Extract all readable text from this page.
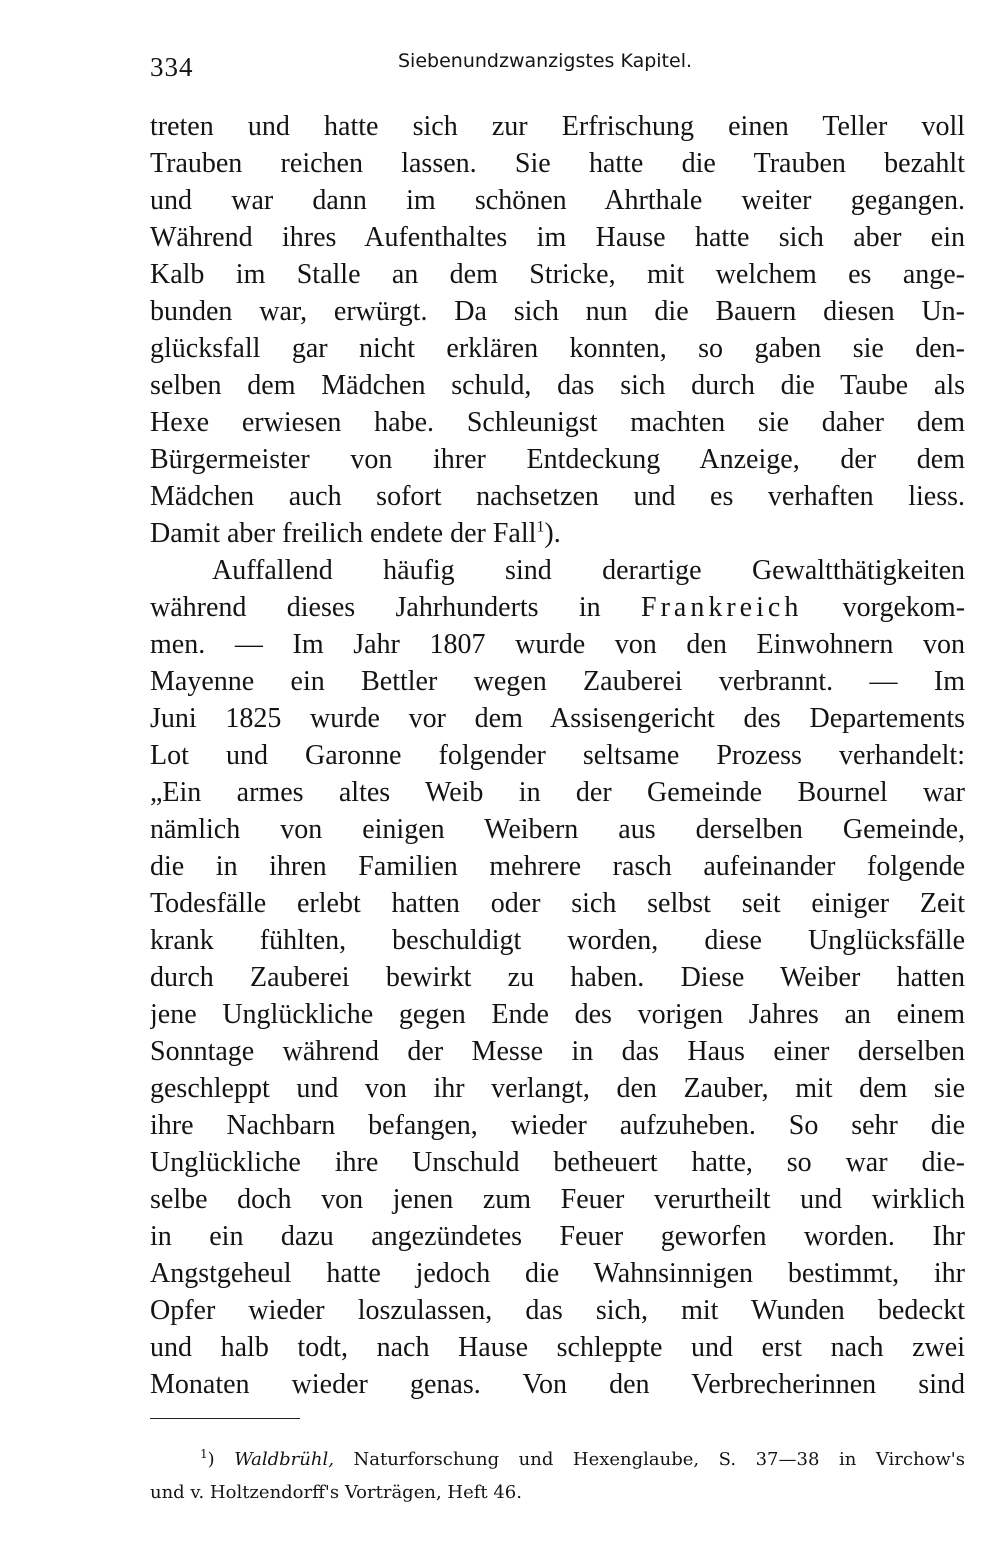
334	Siebenundzwanzigstes Kapitel.
treten und hatte sich zur Erfrischung einen Teller voll
Trauben reichen lassen. Sie hatte die Trauben bezahlt
und war dann im schönen Ahrthale weiter gegangen.
Während ihres Aufenthaltes im Hause hatte sich aber ein
Kalb im Stalle an dem Stricke, mit welchem es ange-
bunden war, erwürgt. Da sich nun die Bauern diesen Un-
glücksfall gar nicht erklären konnten, so gaben sie den-
selben dem Mädchen schuld, das sich durch die Taube als
Hexe erwiesen habe. Schleunigst machten sie daher dem
Bürgermeister von ihrer Entdeckung Anzeige, der dem
Mädchen auch sofort nachsetzen und es verhaften liess.
Damit aber freilich endete der Fall$^1$).
Auffallend häufig sind derartige Gewaltthätigkeiten
während dieses Jahrhunderts in Frankreich vorgekom-
men. — Im Jahr 1807 wurde von den Einwohnern von
Mayenne ein Bettler wegen Zauberei verbrannt. — Im
Juni 1825 wurde vor dem Assisengericht des Departements
Lot und Garonne folgender seltsame Prozess verhandelt:
„Ein armes altes Weib in der Gemeinde Bournel war
nämlich von einigen Weibern aus derselben Gemeinde,
die in ihren Familien mehrere rasch aufeinander folgende
Todesfälle erlebt hatten oder sich selbst seit einiger Zeit
krank fühlten, beschuldigt worden, diese Unglücksfälle
durch Zauberei bewirkt zu haben. Diese Weiber hatten
jene Unglückliche gegen Ende des vorigen Jahres an einem
Sonntage während der Messe in das Haus einer derselben
geschleppt und von ihr verlangt, den Zauber, mit dem sie
ihre Nachbarn befangen, wieder aufzuheben. So sehr die
Unglückliche ihre Unschuld betheuert hatte, so war die-
selbe doch von jenen zum Feuer verurtheilt und wirklich
in ein dazu angezündetes Feuer geworfen worden. Ihr
Angstgeheul hatte jedoch die Wahnsinnigen bestimmt, ihr
Opfer wieder loszulassen, das sich, mit Wunden bedeckt
und halb todt, nach Hause schleppte und erst nach zwei
Monaten wieder genas. Von den Verbrecherinnen sind
$^1$) Waldbrühl, Naturforschung und Hexenglaube, S. 37—38 in Virchow's
und v. Holtzendorff's Vorträgen, Heft 46.
